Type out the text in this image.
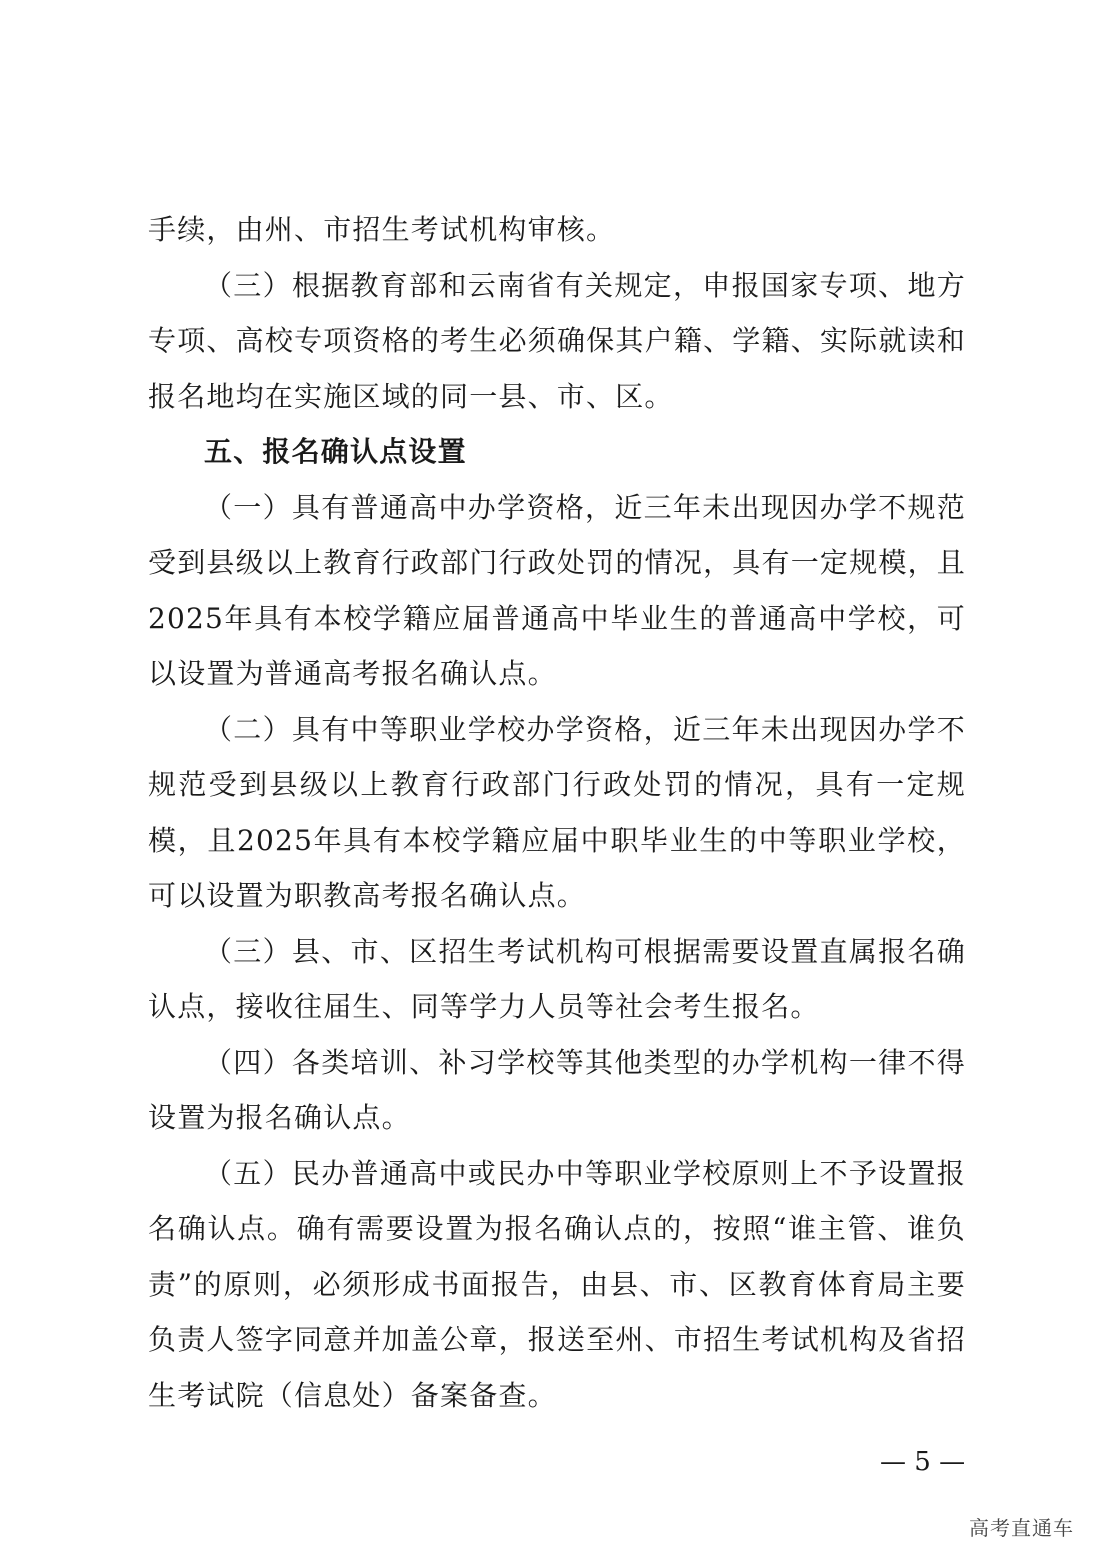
手续，由州、市招生考试机构审核。

（三）根据教育部和云南省有关规定，申报国家专项、地方专项、高校专项资格的考生必须确保其户籍、学籍、实际就读和报名地均在实施区域的同一县、市、区。

五、报名确认点设置

（一）具有普通高中办学资格，近三年未出现因办学不规范受到县级以上教育行政部门行政处罚的情况，具有一定规模，且2025年具有本校学籍应届普通高中毕业生的普通高中学校，可以设置为普通高考报名确认点。

（二）具有中等职业学校办学资格，近三年未出现因办学不规范受到县级以上教育行政部门行政处罚的情况，具有一定规模，且2025年具有本校学籍应届中职毕业生的中等职业学校，可以设置为职教高考报名确认点。

（三）县、市、区招生考试机构可根据需要设置直属报名确认点，接收往届生、同等学力人员等社会考生报名。

（四）各类培训、补习学校等其他类型的办学机构一律不得设置为报名确认点。

（五）民办普通高中或民办中等职业学校原则上不予设置报名确认点。确有需要设置为报名确认点的，按照“谁主管、谁负责”的原则，必须形成书面报告，由县、市、区教育体育局主要负责人签字同意并加盖公章，报送至州、市招生考试机构及省招生考试院（信息处）备案备查。

— 5 —
高考直通车
